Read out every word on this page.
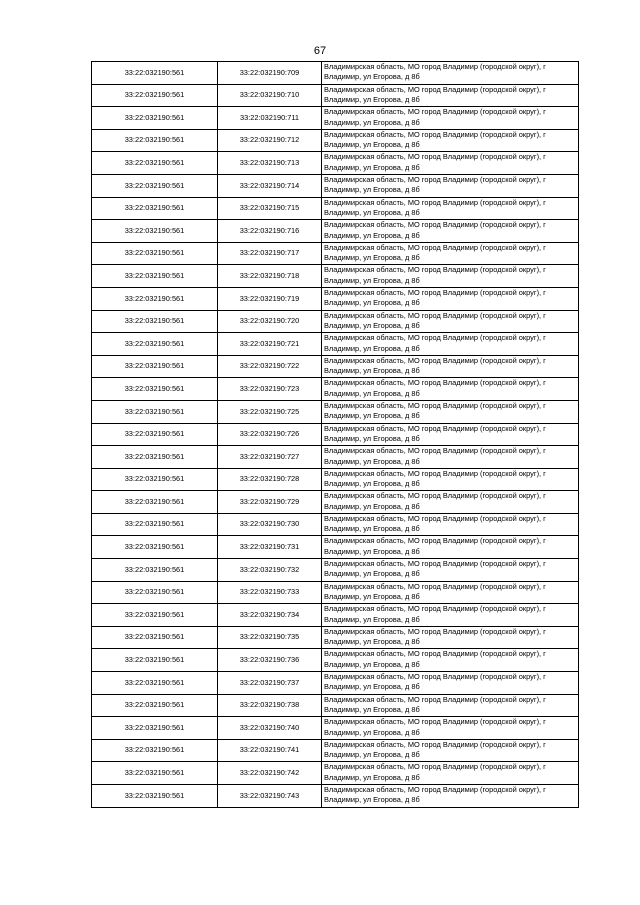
67
33:22:032190:561	33:22:032190:709	Владимирская область, МО город Владимир (городской округ), г Владимир, ул Егорова, д 8б
33:22:032190:561	33:22:032190:710	Владимирская область, МО город Владимир (городской округ), г Владимир, ул Егорова, д 8б
33:22:032190:561	33:22:032190:711	Владимирская область, МО город Владимир (городской округ), г Владимир, ул Егорова, д 8б
33:22:032190:561	33:22:032190:712	Владимирская область, МО город Владимир (городской округ), г Владимир, ул Егорова, д 8б
33:22:032190:561	33:22:032190:713	Владимирская область, МО город Владимир (городской округ), г Владимир, ул Егорова, д 8б
33:22:032190:561	33:22:032190:714	Владимирская область, МО город Владимир (городской округ), г Владимир, ул Егорова, д 8б
33:22:032190:561	33:22:032190:715	Владимирская область, МО город Владимир (городской округ), г Владимир, ул Егорова, д 8б
33:22:032190:561	33:22:032190:716	Владимирская область, МО город Владимир (городской округ), г Владимир, ул Егорова, д 8б
33:22:032190:561	33:22:032190:717	Владимирская область, МО город Владимир (городской округ), г Владимир, ул Егорова, д 8б
33:22:032190:561	33:22:032190:718	Владимирская область, МО город Владимир (городской округ), г Владимир, ул Егорова, д 8б
33:22:032190:561	33:22:032190:719	Владимирская область, МО город Владимир (городской округ), г Владимир, ул Егорова, д 8б
33:22:032190:561	33:22:032190:720	Владимирская область, МО город Владимир (городской округ), г Владимир, ул Егорова, д 8б
33:22:032190:561	33:22:032190:721	Владимирская область, МО город Владимир (городской округ), г Владимир, ул Егорова, д 8б
33:22:032190:561	33:22:032190:722	Владимирская область, МО город Владимир (городской округ), г Владимир, ул Егорова, д 8б
33:22:032190:561	33:22:032190:723	Владимирская область, МО город Владимир (городской округ), г Владимир, ул Егорова, д 8б
33:22:032190:561	33:22:032190:725	Владимирская область, МО город Владимир (городской округ), г Владимир, ул Егорова, д 8б
33:22:032190:561	33:22:032190:726	Владимирская область, МО город Владимир (городской округ), г Владимир, ул Егорова, д 8б
33:22:032190:561	33:22:032190:727	Владимирская область, МО город Владимир (городской округ), г Владимир, ул Егорова, д 8б
33:22:032190:561	33:22:032190:728	Владимирская область, МО город Владимир (городской округ), г Владимир, ул Егорова, д 8б
33:22:032190:561	33:22:032190:729	Владимирская область, МО город Владимир (городской округ), г Владимир, ул Егорова, д 8б
33:22:032190:561	33:22:032190:730	Владимирская область, МО город Владимир (городской округ), г Владимир, ул Егорова, д 8б
33:22:032190:561	33:22:032190:731	Владимирская область, МО город Владимир (городской округ), г Владимир, ул Егорова, д 8б
33:22:032190:561	33:22:032190:732	Владимирская область, МО город Владимир (городской округ), г Владимир, ул Егорова, д 8б
33:22:032190:561	33:22:032190:733	Владимирская область, МО город Владимир (городской округ), г Владимир, ул Егорова, д 8б
33:22:032190:561	33:22:032190:734	Владимирская область, МО город Владимир (городской округ), г Владимир, ул Егорова, д 8б
33:22:032190:561	33:22:032190:735	Владимирская область, МО город Владимир (городской округ), г Владимир, ул Егорова, д 8б
33:22:032190:561	33:22:032190:736	Владимирская область, МО город Владимир (городской округ), г Владимир, ул Егорова, д 8б
33:22:032190:561	33:22:032190:737	Владимирская область, МО город Владимир (городской округ), г Владимир, ул Егорова, д 8б
33:22:032190:561	33:22:032190:738	Владимирская область, МО город Владимир (городской округ), г Владимир, ул Егорова, д 8б
33:22:032190:561	33:22:032190:740	Владимирская область, МО город Владимир (городской округ), г Владимир, ул Егорова, д 8б
33:22:032190:561	33:22:032190:741	Владимирская область, МО город Владимир (городской округ), г Владимир, ул Егорова, д 8б
33:22:032190:561	33:22:032190:742	Владимирская область, МО город Владимир (городской округ), г Владимир, ул Егорова, д 8б
33:22:032190:561	33:22:032190:743	Владимирская область, МО город Владимир (городской округ), г Владимир, ул Егорова, д 8б
